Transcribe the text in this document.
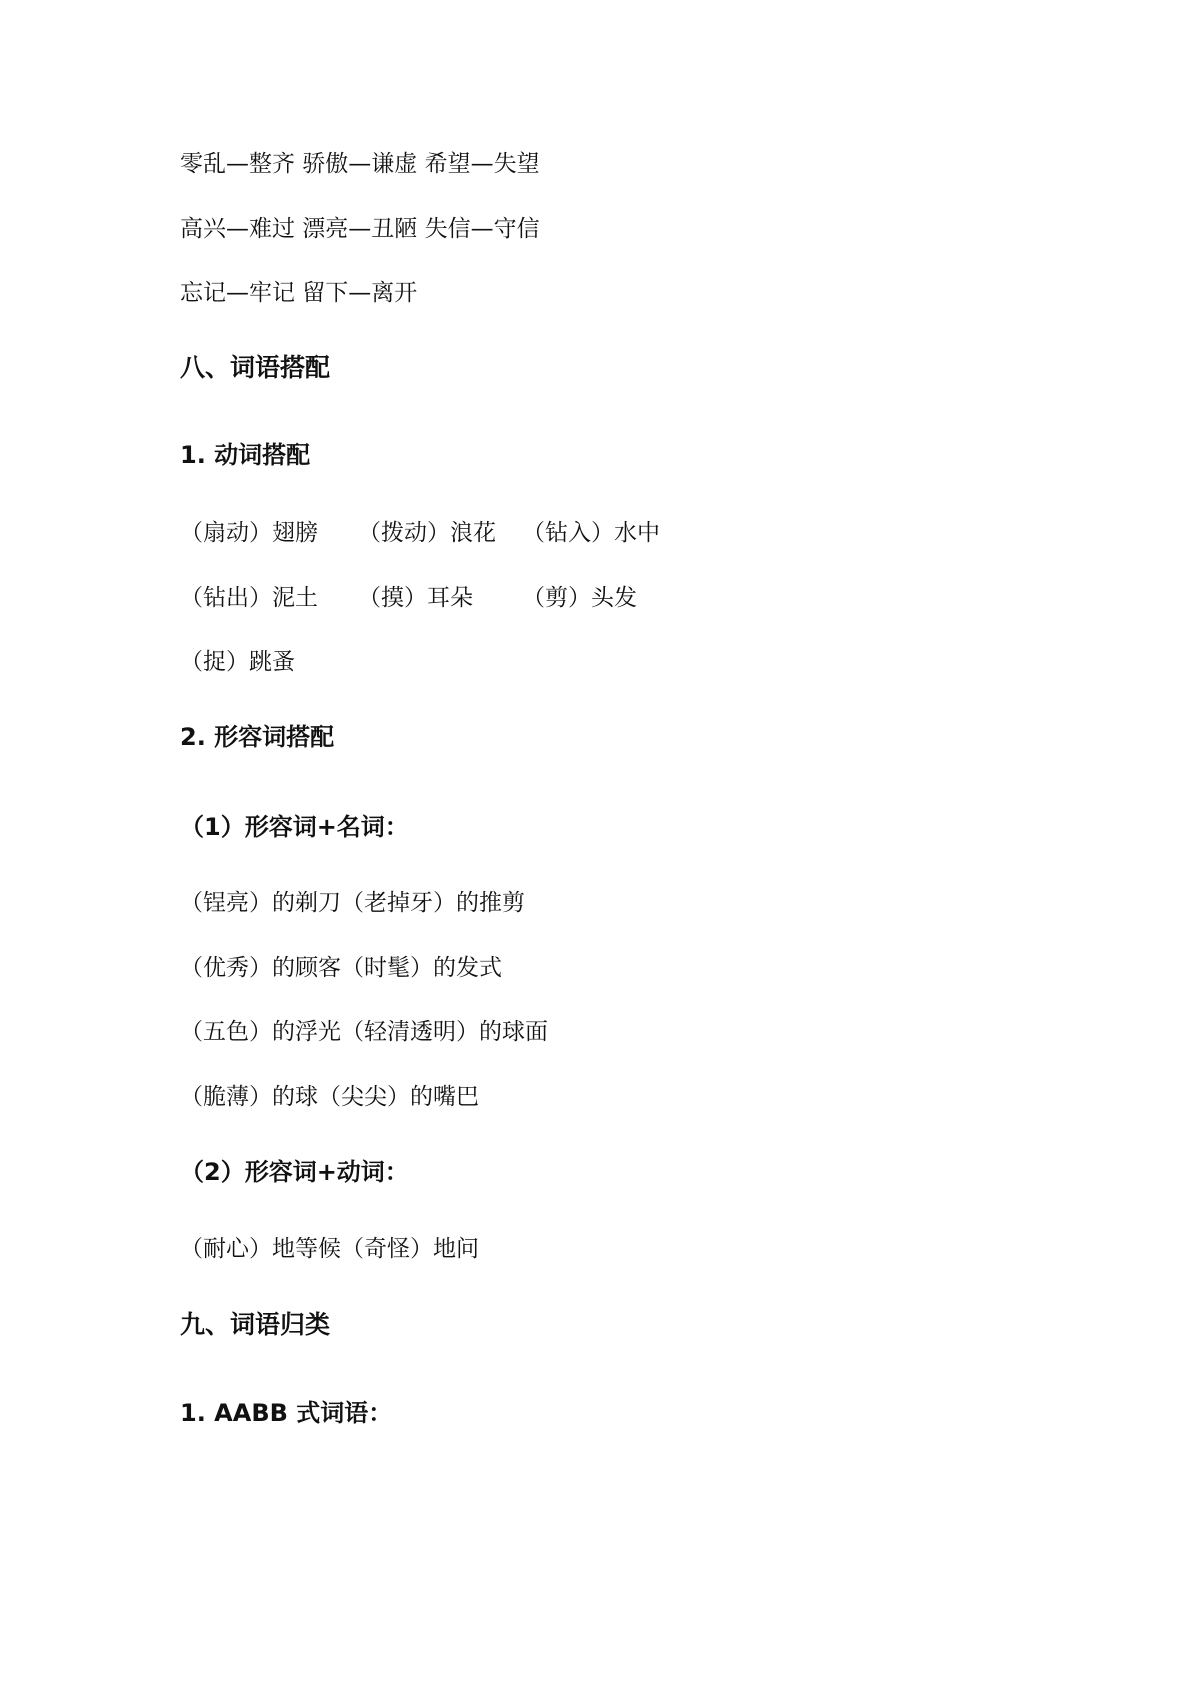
零乱—整齐 骄傲—谦虚 希望—失望
高兴—难过 漂亮—丑陋 失信—守信
忘记—牢记 留下—离开
八、词语搭配
1. 动词搭配

（扇动）翅膀

（拨动）浪花

（钻入）水中

（钻出）泥土

（摸）耳朵

（剪）头发

（捉）跳蚤

2. 形容词搭配
（1）形容词+名词：
（锃亮）的剃刀（老掉牙）的推剪
（优秀）的顾客（时髦）的发式
（五色）的浮光（轻清透明）的球面
（脆薄）的球（尖尖）的嘴巴
（2）形容词+动词：
（耐心）地等候（奇怪）地问
九、词语归类
1. AABB 式词语：
